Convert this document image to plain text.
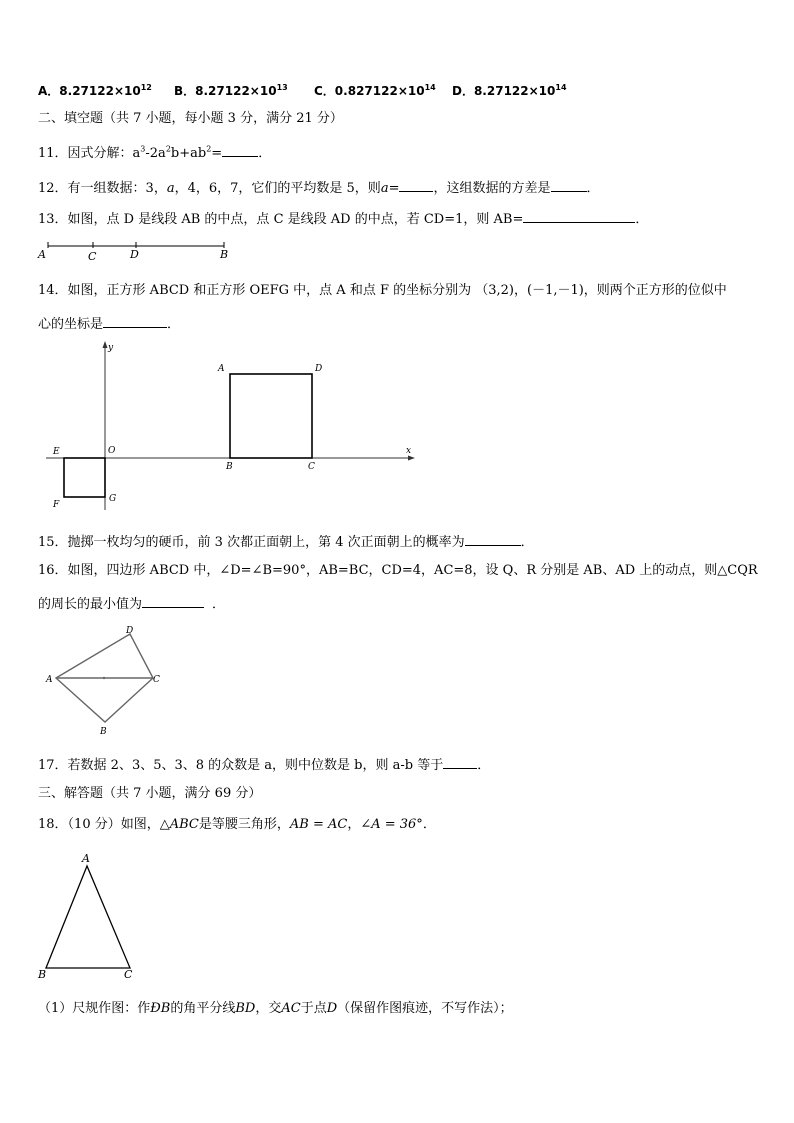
A．$8.27122\times 10^{12}$ B．$8.27122\times 10^{13}$ C．$0.827122\times 10^{14}$ D．$8.27122\times 10^{14}$
二、填空题（共 7 小题，每小题 3 分，满分 21 分）
11．因式分解：$a^3-2a^2b+ab^2=$	．
12．有一组数据：3，a，4，6，7，它们的平均数是 5，则a=	，这组数据的方差是	．
13．如图，点 D 是线段 AB 的中点，点 C 是线段 AD 的中点，若 CD=1，则 AB=	．
A	C	D	B
14．如图，正方形 ABCD 和正方形 OEFG 中，点 A 和点 F 的坐标分别为 （3,2)，(－1,－1)，则两个正方形的位似中
心的坐标是	．
y
x
O
E
F
G
A	D
B	C
15．抛掷一枚均匀的硬币，前 3 次都正面朝上，第 4 次正面朝上的概率为	．
16．如图，四边形 ABCD 中，∠D=∠B=90°，AB=BC，CD=4，AC=8，设 Q、R 分别是 AB、AD 上的动点，则△CQR
的周长的最小值为	．
A
D
C
B
17．若数据 2、3、5、3、8 的众数是 a，则中位数是 b，则 a-b 等于	．
三、解答题（共 7 小题，满分 69 分）
18．（10 分）如图，△ABC是等腰三角形，AB = AC，∠A = 36°．
A
B	C
（1）尺规作图：作ÐB的角平分线BD，交AC于点D（保留作图痕迹，不写作法）；
